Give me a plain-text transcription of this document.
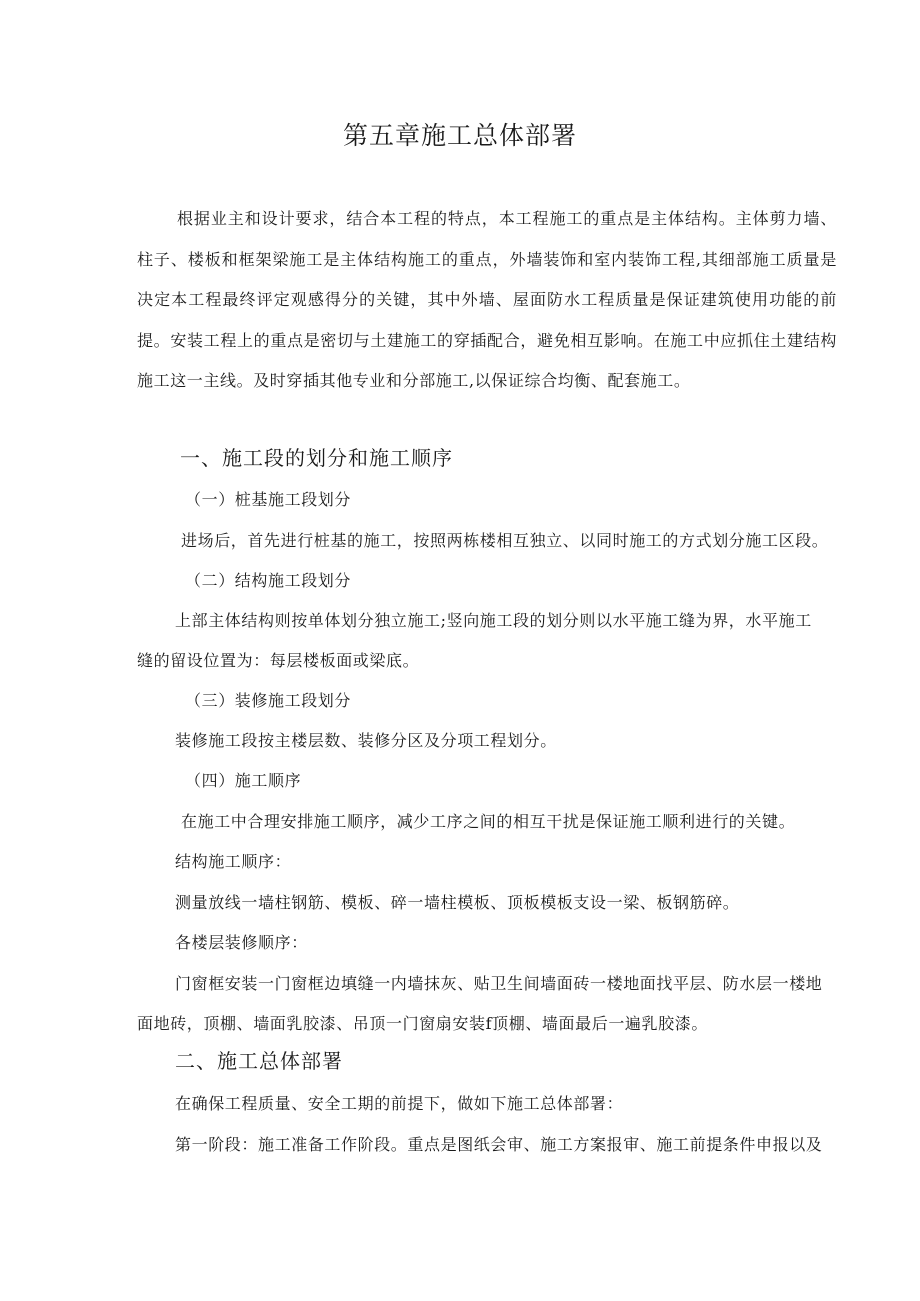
第五章施工总体部署

根据业主和设计要求，结合本工程的特点，本工程施工的重点是主体结构。主体剪力墙、柱子、楼板和框架梁施工是主体结构施工的重点，外墙装饰和室内装饰工程,其细部施工质量是决定本工程最终评定观感得分的关键，其中外墙、屋面防水工程质量是保证建筑使用功能的前提。安装工程上的重点是密切与土建施工的穿插配合，避免相互影响。在施工中应抓住土建结构施工这一主线。及时穿插其他专业和分部施工,以保证综合均衡、配套施工。

一、施工段的划分和施工顺序
（一）桩基施工段划分
进场后，首先进行桩基的施工，按照两栋楼相互独立、以同时施工的方式划分施工区段。
（二）结构施工段划分
上部主体结构则按单体划分独立施工;竖向施工段的划分则以水平施工缝为界，水平施工
缝的留设位置为：每层楼板面或梁底。
（三）装修施工段划分
装修施工段按主楼层数、装修分区及分项工程划分。
（四）施工顺序
在施工中合理安排施工顺序，减少工序之间的相互干扰是保证施工顺利进行的关键。
结构施工顺序：
测量放线一墙柱钢筋、模板、碎一墙柱模板、顶板模板支设一梁、板钢筋碎。
各楼层装修顺序：
门窗框安装一门窗框边填缝一内墙抹灰、贴卫生间墙面砖一楼地面找平层、防水层一楼地
面地砖，顶棚、墙面乳胶漆、吊顶一门窗扇安装f顶棚、墙面最后一遍乳胶漆。
二、施工总体部署
在确保工程质量、安全工期的前提下，做如下施工总体部署：
第一阶段：施工准备工作阶段。重点是图纸会审、施工方案报审、施工前提条件申报以及
